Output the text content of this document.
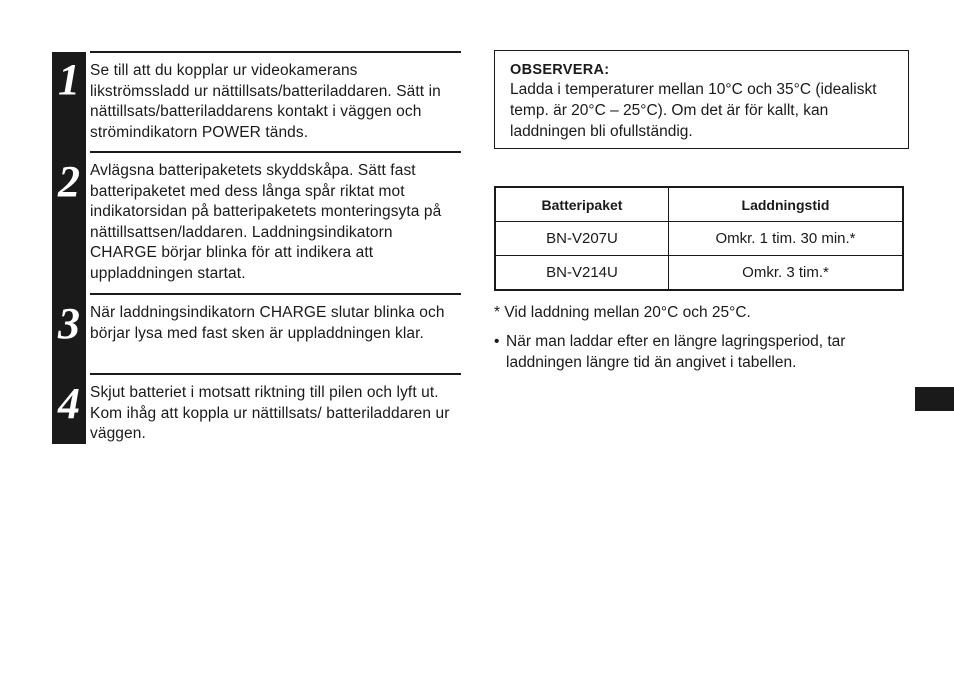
1 Se till att du kopplar ur videokamerans likströmssladd ur nättillsats/batteriladdaren. Sätt in nättillsats/batteriladdarens kontakt i väggen och strömindikatorn POWER tänds.
2 Avlägsna batteripaketets skyddskåpa. Sätt fast batteripaketet med dess långa spår riktat mot indikatorsidan på batteripaketets monteringsyta på nättillsattsen/laddaren. Laddningsindikatorn CHARGE börjar blinka för att indikera att uppladdningen startat.
3 När laddningsindikatorn CHARGE slutar blinka och börjar lysa med fast sken är uppladdningen klar.
4 Skjut batteriet i motsatt riktning till pilen och lyft ut. Kom ihåg att koppla ur nättillsats/ batteriladdaren ur väggen.
OBSERVERA:
Ladda i temperaturer mellan 10°C och 35°C (idealiskt temp. är 20°C – 25°C). Om det är för kallt, kan laddningen bli ofullständig.
Batteripaket	Laddningstid
BN-V207U	Omkr. 1 tim. 30 min.*
BN-V214U	Omkr. 3 tim.*
* Vid laddning mellan 20°C och 25°C.
• När man laddar efter en längre lagringsperiod, tar laddningen längre tid än angivet i tabellen.
